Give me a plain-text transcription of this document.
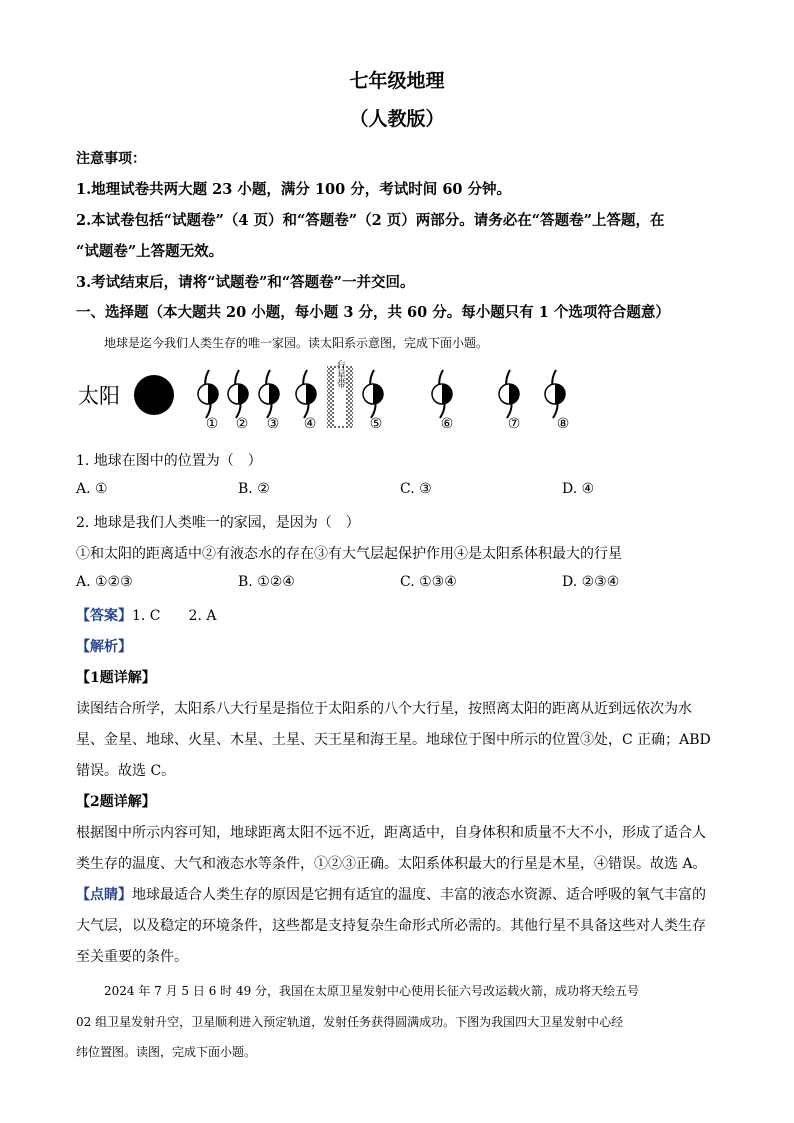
七年级地理
（人教版）
注意事项：
1.地理试卷共两大题 23 小题，满分 100 分，考试时间 60 分钟。
2.本试卷包括“试题卷”（4 页）和“答题卷”（2 页）两部分。请务必在“答题卷”上答题，在
“试题卷”上答题无效。
3.考试结束后，请将“试题卷”和“答题卷”一并交回。
一、选择题（本大题共 20 小题，每小题 3 分，共 60 分。每小题只有 1 个选项符合题意）
地球是迄今我们人类生存的唯一家园。读太阳系示意图，完成下面小题。
太阳
小行星带
① ② ③ ④	⑤	⑥	⑦	⑧
1. 地球在图中的位置为（　）
A. ①	B. ②	C. ③	D. ④
2. 地球是我们人类唯一的家园，是因为（　）
①和太阳的距离适中②有液态水的存在③有大气层起保护作用④是太阳系体积最大的行星
A. ①②③	B. ①②④	C. ①③④	D. ②③④
【答案】1. C 2. A
【解析】
【1题详解】
读图结合所学，太阳系八大行星是指位于太阳系的八个大行星，按照离太阳的距离从近到远依次为水
星、金星、地球、火星、木星、土星、天王星和海王星。地球位于图中所示的位置③处，C 正确；ABD
错误。故选 C。
【2题详解】
根据图中所示内容可知，地球距离太阳不远不近，距离适中，自身体积和质量不大不小，形成了适合人
类生存的温度、大气和液态水等条件，①②③正确。太阳系体积最大的行星是木星，④错误。故选 A。
【点睛】地球最适合人类生存的原因是它拥有适宜的温度、丰富的液态水资源、适合呼吸的氧气丰富的
大气层，以及稳定的环境条件，这些都是支持复杂生命形式所必需的。其他行星不具备这些对人类生存
至关重要的条件。
2024 年 7 月 5 日 6 时 49 分，我国在太原卫星发射中心使用长征六号改运载火箭，成功将天绘五号
02 组卫星发射升空，卫星顺利进入预定轨道，发射任务获得圆满成功。下图为我国四大卫星发射中心经
纬位置图。读图，完成下面小题。
